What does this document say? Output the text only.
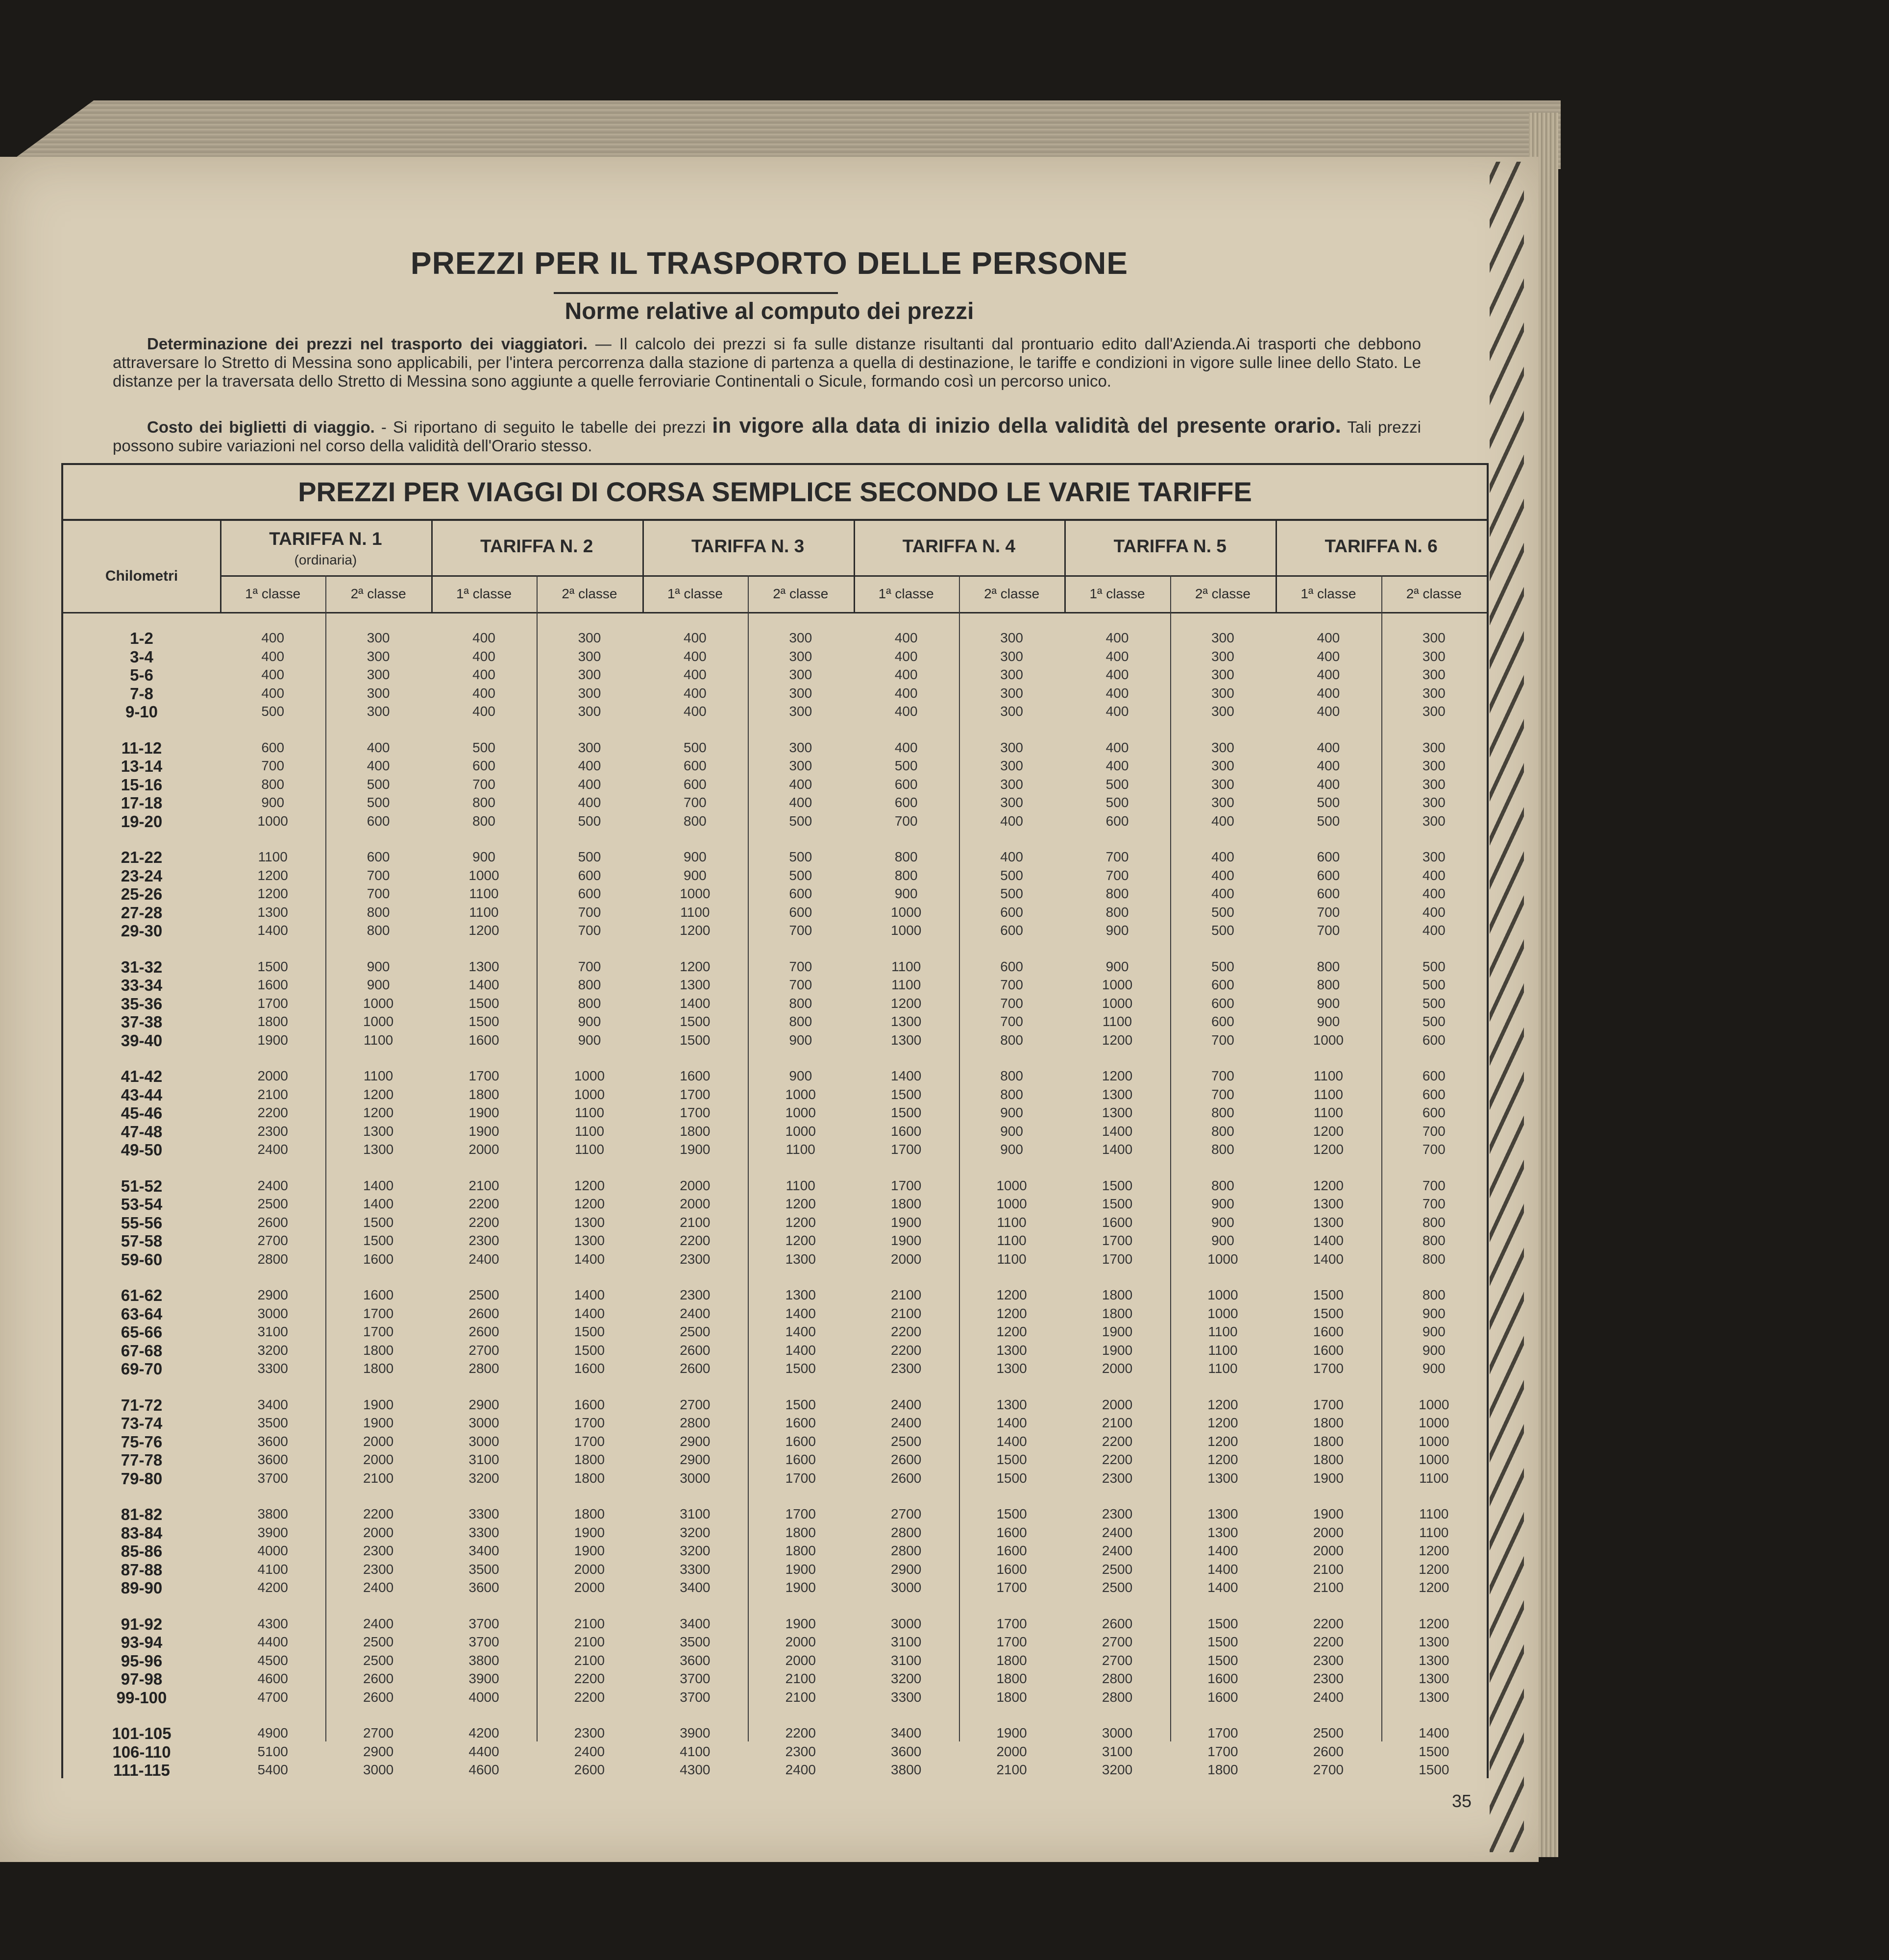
PREZZI PER IL TRASPORTO DELLE PERSONE
Norme relative al computo dei prezzi
Determinazione dei prezzi nel trasporto dei viaggiatori. — Il calcolo dei prezzi si fa sulle distanze risultanti dal prontuario edito dall'Azienda.Ai trasporti che debbono attraversare lo Stretto di Messina sono applicabili, per l'intera percorrenza dalla stazione di partenza a quella di destinazione, le tariffe e condizioni in vigore sulle linee dello Stato. Le distanze per la traversata dello Stretto di Messina sono aggiunte a quelle ferroviarie Continentali o Sicule, formando così un percorso unico.
Costo dei biglietti di viaggio. - Si riportano di seguito le tabelle dei prezzi in vigore alla data di inizio della validità del presente orario. Tali prezzi possono subire variazioni nel corso della validità dell'Orario stesso.
PREZZI PER VIAGGI DI CORSA SEMPLICE SECONDO LE VARIE TARIFFE
Chilometri
TARIFFA N. 1
(ordinaria)
1ª classe	2ª classe
TARIFFA N. 2
1ª classe	2ª classe
TARIFFA N. 3
1ª classe	2ª classe
TARIFFA N. 4
1ª classe	2ª classe
TARIFFA N. 5
1ª classe	2ª classe
TARIFFA N. 6
1ª classe	2ª classe
1-2	400	300	400	300	400	300	400	300	400	300	400	300
3-4	400	300	400	300	400	300	400	300	400	300	400	300
5-6	400	300	400	300	400	300	400	300	400	300	400	300
7-8	400	300	400	300	400	300	400	300	400	300	400	300
9-10	500	300	400	300	400	300	400	300	400	300	400	300
11-12	600	400	500	300	500	300	400	300	400	300	400	300
13-14	700	400	600	400	600	300	500	300	400	300	400	300
15-16	800	500	700	400	600	400	600	300	500	300	400	300
17-18	900	500	800	400	700	400	600	300	500	300	500	300
19-20	1000	600	800	500	800	500	700	400	600	400	500	300
21-22	1100	600	900	500	900	500	800	400	700	400	600	300
23-24	1200	700	1000	600	900	500	800	500	700	400	600	400
25-26	1200	700	1100	600	1000	600	900	500	800	400	600	400
27-28	1300	800	1100	700	1100	600	1000	600	800	500	700	400
29-30	1400	800	1200	700	1200	700	1000	600	900	500	700	400
31-32	1500	900	1300	700	1200	700	1100	600	900	500	800	500
33-34	1600	900	1400	800	1300	700	1100	700	1000	600	800	500
35-36	1700	1000	1500	800	1400	800	1200	700	1000	600	900	500
37-38	1800	1000	1500	900	1500	800	1300	700	1100	600	900	500
39-40	1900	1100	1600	900	1500	900	1300	800	1200	700	1000	600
41-42	2000	1100	1700	1000	1600	900	1400	800	1200	700	1100	600
43-44	2100	1200	1800	1000	1700	1000	1500	800	1300	700	1100	600
45-46	2200	1200	1900	1100	1700	1000	1500	900	1300	800	1100	600
47-48	2300	1300	1900	1100	1800	1000	1600	900	1400	800	1200	700
49-50	2400	1300	2000	1100	1900	1100	1700	900	1400	800	1200	700
51-52	2400	1400	2100	1200	2000	1100	1700	1000	1500	800	1200	700
53-54	2500	1400	2200	1200	2000	1200	1800	1000	1500	900	1300	700
55-56	2600	1500	2200	1300	2100	1200	1900	1100	1600	900	1300	800
57-58	2700	1500	2300	1300	2200	1200	1900	1100	1700	900	1400	800
59-60	2800	1600	2400	1400	2300	1300	2000	1100	1700	1000	1400	800
61-62	2900	1600	2500	1400	2300	1300	2100	1200	1800	1000	1500	800
63-64	3000	1700	2600	1400	2400	1400	2100	1200	1800	1000	1500	900
65-66	3100	1700	2600	1500	2500	1400	2200	1200	1900	1100	1600	900
67-68	3200	1800	2700	1500	2600	1400	2200	1300	1900	1100	1600	900
69-70	3300	1800	2800	1600	2600	1500	2300	1300	2000	1100	1700	900
71-72	3400	1900	2900	1600	2700	1500	2400	1300	2000	1200	1700	1000
73-74	3500	1900	3000	1700	2800	1600	2400	1400	2100	1200	1800	1000
75-76	3600	2000	3000	1700	2900	1600	2500	1400	2200	1200	1800	1000
77-78	3600	2000	3100	1800	2900	1600	2600	1500	2200	1200	1800	1000
79-80	3700	2100	3200	1800	3000	1700	2600	1500	2300	1300	1900	1100
81-82	3800	2200	3300	1800	3100	1700	2700	1500	2300	1300	1900	1100
83-84	3900	2000	3300	1900	3200	1800	2800	1600	2400	1300	2000	1100
85-86	4000	2300	3400	1900	3200	1800	2800	1600	2400	1400	2000	1200
87-88	4100	2300	3500	2000	3300	1900	2900	1600	2500	1400	2100	1200
89-90	4200	2400	3600	2000	3400	1900	3000	1700	2500	1400	2100	1200
91-92	4300	2400	3700	2100	3400	1900	3000	1700	2600	1500	2200	1200
93-94	4400	2500	3700	2100	3500	2000	3100	1700	2700	1500	2200	1300
95-96	4500	2500	3800	2100	3600	2000	3100	1800	2700	1500	2300	1300
97-98	4600	2600	3900	2200	3700	2100	3200	1800	2800	1600	2300	1300
99-100	4700	2600	4000	2200	3700	2100	3300	1800	2800	1600	2400	1300
101-105	4900	2700	4200	2300	3900	2200	3400	1900	3000	1700	2500	1400
106-110	5100	2900	4400	2400	4100	2300	3600	2000	3100	1700	2600	1500
111-115	5400	3000	4600	2600	4300	2400	3800	2100	3200	1800	2700	1500
35
